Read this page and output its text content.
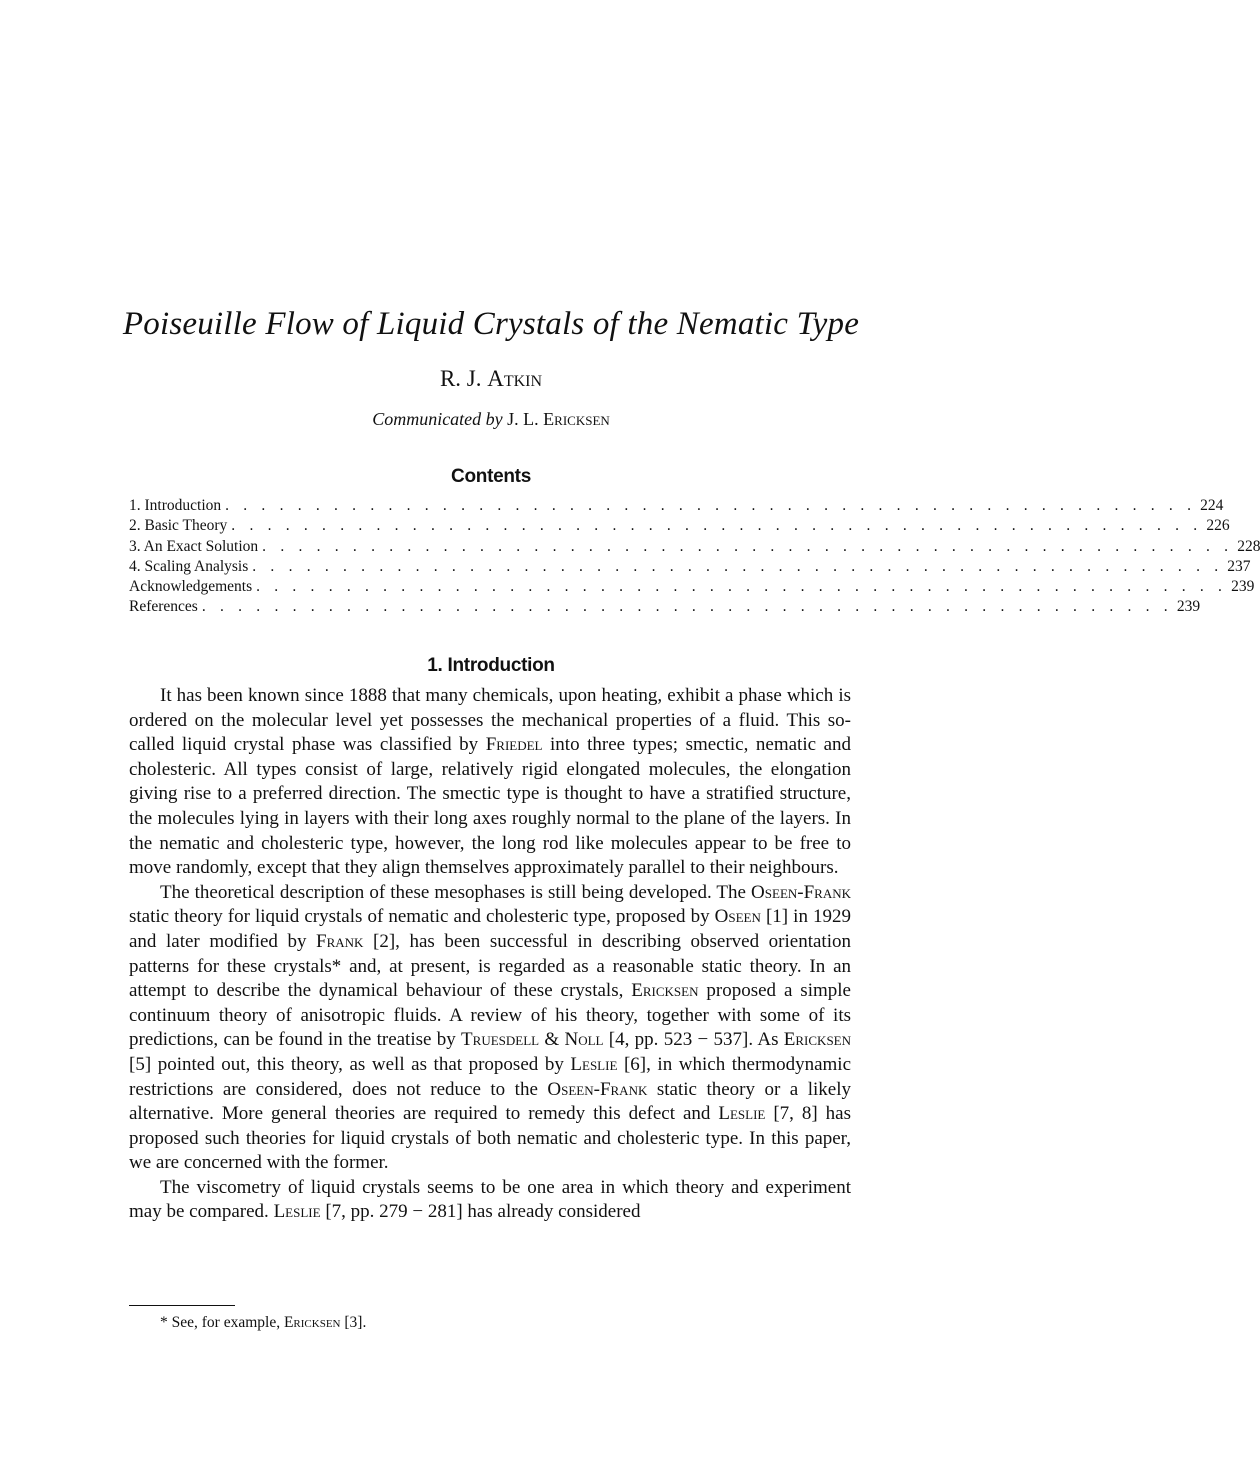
Poiseuille Flow of Liquid Crystals of the Nematic Type
R. J. Atkin
Communicated by J. L. Ericksen
Contents
1. Introduction . . . . . . . . . . . . . . . . . . . . . . . . . . . . . . . . . . . . . . . . . . . . . . . . . . . . . . 224
2. Basic Theory . . . . . . . . . . . . . . . . . . . . . . . . . . . . . . . . . . . . . . . . . . . . . . . . . . . . . . 226
3. An Exact Solution . . . . . . . . . . . . . . . . . . . . . . . . . . . . . . . . . . . . . . . . . . . . . . . . . . . . . . 228
4. Scaling Analysis . . . . . . . . . . . . . . . . . . . . . . . . . . . . . . . . . . . . . . . . . . . . . . . . . . . . . . 237
Acknowledgements . . . . . . . . . . . . . . . . . . . . . . . . . . . . . . . . . . . . . . . . . . . . . . . . . . . . . . 239
References . . . . . . . . . . . . . . . . . . . . . . . . . . . . . . . . . . . . . . . . . . . . . . . . . . . . . . 239
1. Introduction

It has been known since 1888 that many chemicals, upon heating, exhibit a phase which is ordered on the molecular level yet possesses the mechanical properties of a fluid. This so-called liquid crystal phase was classified by Friedel into three types; smectic, nematic and cholesteric. All types consist of large, relatively rigid elongated molecules, the elongation giving rise to a preferred direction. The smectic type is thought to have a stratified structure, the molecules lying in layers with their long axes roughly normal to the plane of the layers. In the nematic and cholesteric type, however, the long rod like molecules appear to be free to move randomly, except that they align themselves approximately parallel to their neighbours.

The theoretical description of these mesophases is still being developed. The Oseen-Frank static theory for liquid crystals of nematic and cholesteric type, proposed by Oseen [1] in 1929 and later modified by Frank [2], has been successful in describing observed orientation patterns for these crystals* and, at present, is regarded as a reasonable static theory. In an attempt to describe the dynamical behaviour of these crystals, Ericksen proposed a simple continuum theory of anisotropic fluids. A review of his theory, together with some of its predictions, can be found in the treatise by Truesdell & Noll [4, pp. 523 − 537]. As Ericksen [5] pointed out, this theory, as well as that proposed by Leslie [6], in which thermodynamic restrictions are considered, does not reduce to the Oseen-Frank static theory or a likely alternative. More general theories are required to remedy this defect and Leslie [7, 8] has proposed such theories for liquid crystals of both nematic and cholesteric type. In this paper, we are concerned with the former.

The viscometry of liquid crystals seems to be one area in which theory and experiment may be compared. Leslie [7, pp. 279 − 281] has already considered

* See, for example, Ericksen [3].
